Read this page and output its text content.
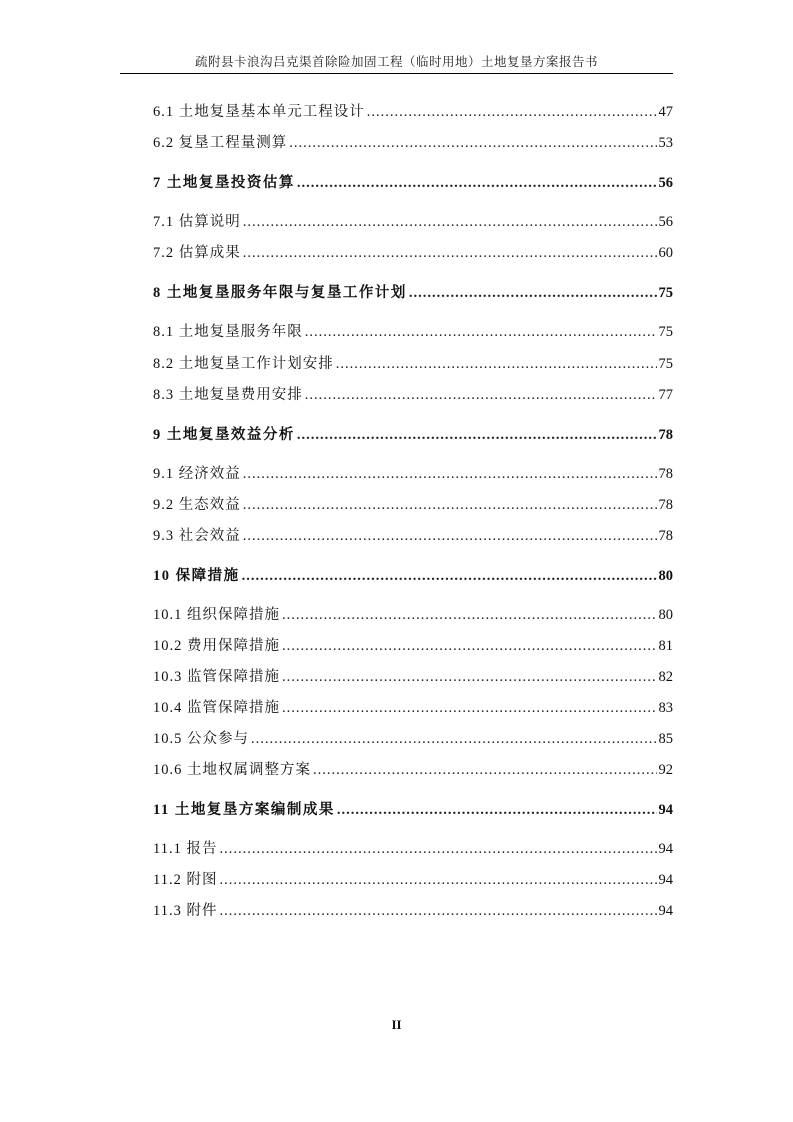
疏附县卡浪沟吕克渠首除险加固工程（临时用地）土地复垦方案报告书
6.1 土地复垦基本单元工程设计 .....	47
6.2 复垦工程量测算 .....	53
7 土地复垦投资估算 .....	56
7.1 估算说明 .....	56
7.2 估算成果 .....	60
8 土地复垦服务年限与复垦工作计划 .....	75
8.1 土地复垦服务年限 .....	75
8.2 土地复垦工作计划安排 .....	75
8.3 土地复垦费用安排 .....	77
9 土地复垦效益分析 .....	78
9.1 经济效益 .....	78
9.2 生态效益 .....	78
9.3 社会效益 .....	78
10 保障措施 .....	80
10.1 组织保障措施 .....	80
10.2 费用保障措施 .....	81
10.3 监管保障措施 .....	82
10.4 监管保障措施 .....	83
10.5 公众参与 .....	85
10.6 土地权属调整方案 .....	92
11 土地复垦方案编制成果 .....	94
11.1 报告 .....	94
11.2 附图 .....	94
11.3 附件 .....	94
II
